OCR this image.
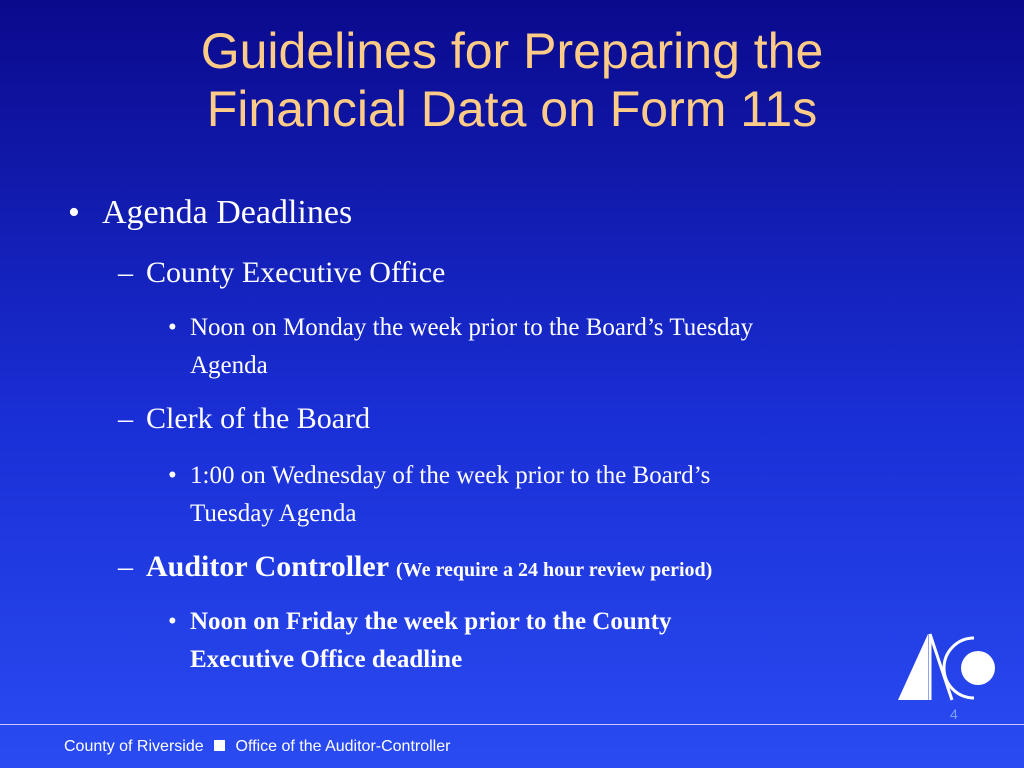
Guidelines for Preparing the
Financial Data on Form 11s
• Agenda Deadlines
– County Executive Office
• Noon on Monday the week prior to the Board’s Tuesday
Agenda
– Clerk of the Board
• 1:00 on Wednesday of the week prior to the Board’s
Tuesday Agenda
– Auditor Controller (We require a 24 hour review period)
• Noon on Friday the week prior to the County
Executive Office deadline
4
County of Riverside Office of the Auditor-Controller
